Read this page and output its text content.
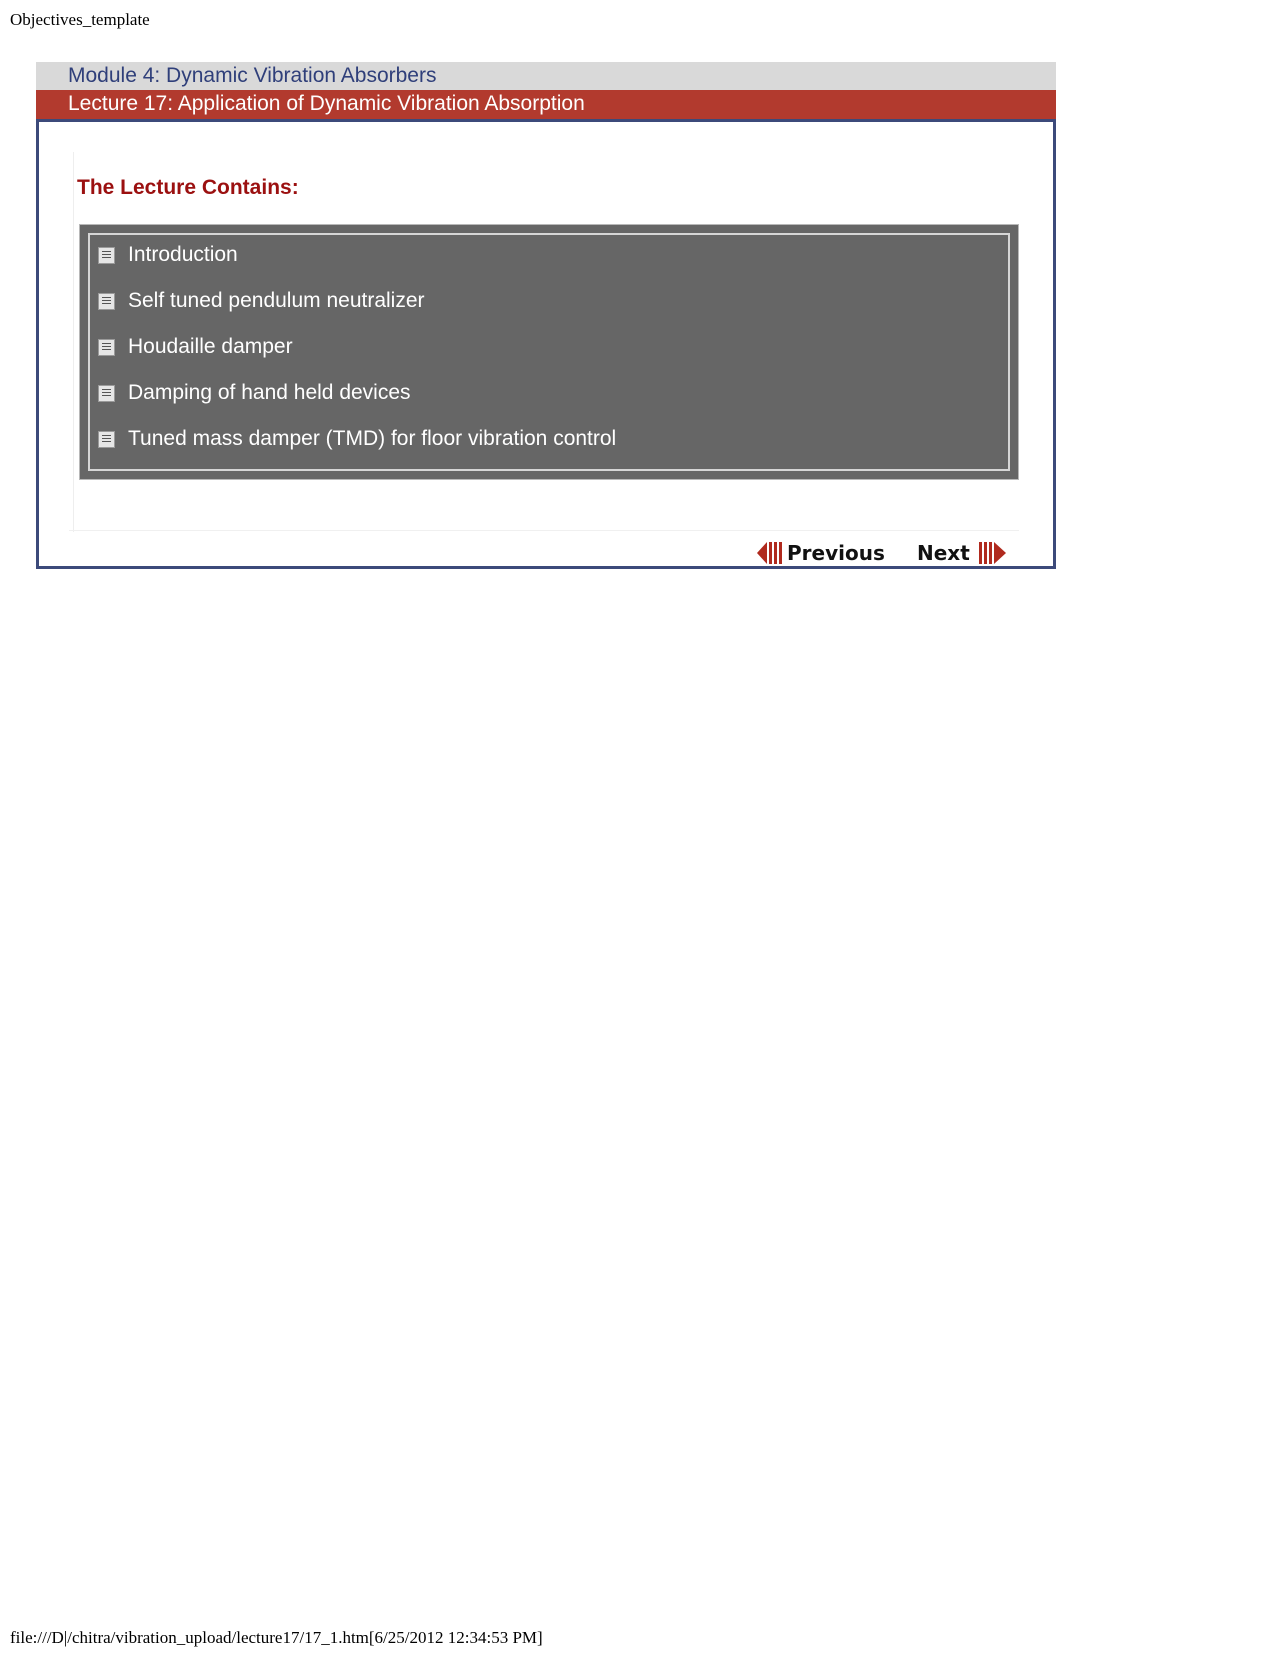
Objectives_template
Module 4: Dynamic Vibration Absorbers
Lecture 17: Application of Dynamic Vibration Absorption
The Lecture Contains:
Introduction
Self tuned pendulum neutralizer
Houdaille damper
Damping of hand held devices
Tuned mass damper (TMD) for floor vibration control
Previous Next
file:///D|/chitra/vibration_upload/lecture17/17_1.htm[6/25/2012 12:34:53 PM]
